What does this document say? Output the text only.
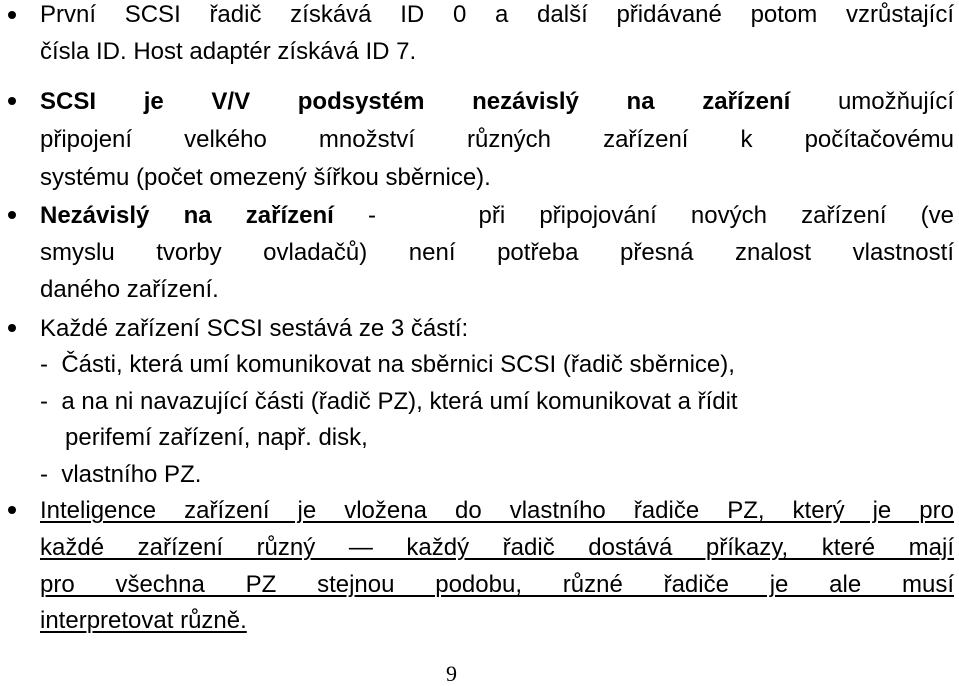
První SCSI řadič získává ID 0 a další přidávané potom vzrůstající
čísla ID. Host adaptér získává ID 7.
SCSI je V/V podsystém nezávislý na zařízení umožňující
připojení velkého množství různých zařízení k počítačovému
systému (počet omezený šířkou sběrnice).
Nezávislý na zařízení -   při připojování nových zařízení (ve
smyslu tvorby ovladačů) není potřeba přesná znalost vlastností
daného zařízení.
Každé zařízení SCSI sestává ze 3 částí:
-  Části, která umí komunikovat na sběrnici SCSI (řadič sběrnice),
-  a na ni navazující části (řadič PZ), která umí komunikovat a řídit
perifemí zařízení, např. disk,
-  vlastního PZ.
Inteligence zařízení je vložena do vlastního řadiče PZ, který je pro
každé zařízení různý — každý řadič dostává příkazy, které mají
pro všechna PZ stejnou podobu, různé řadiče je ale musí
interpretovat různě.
9
